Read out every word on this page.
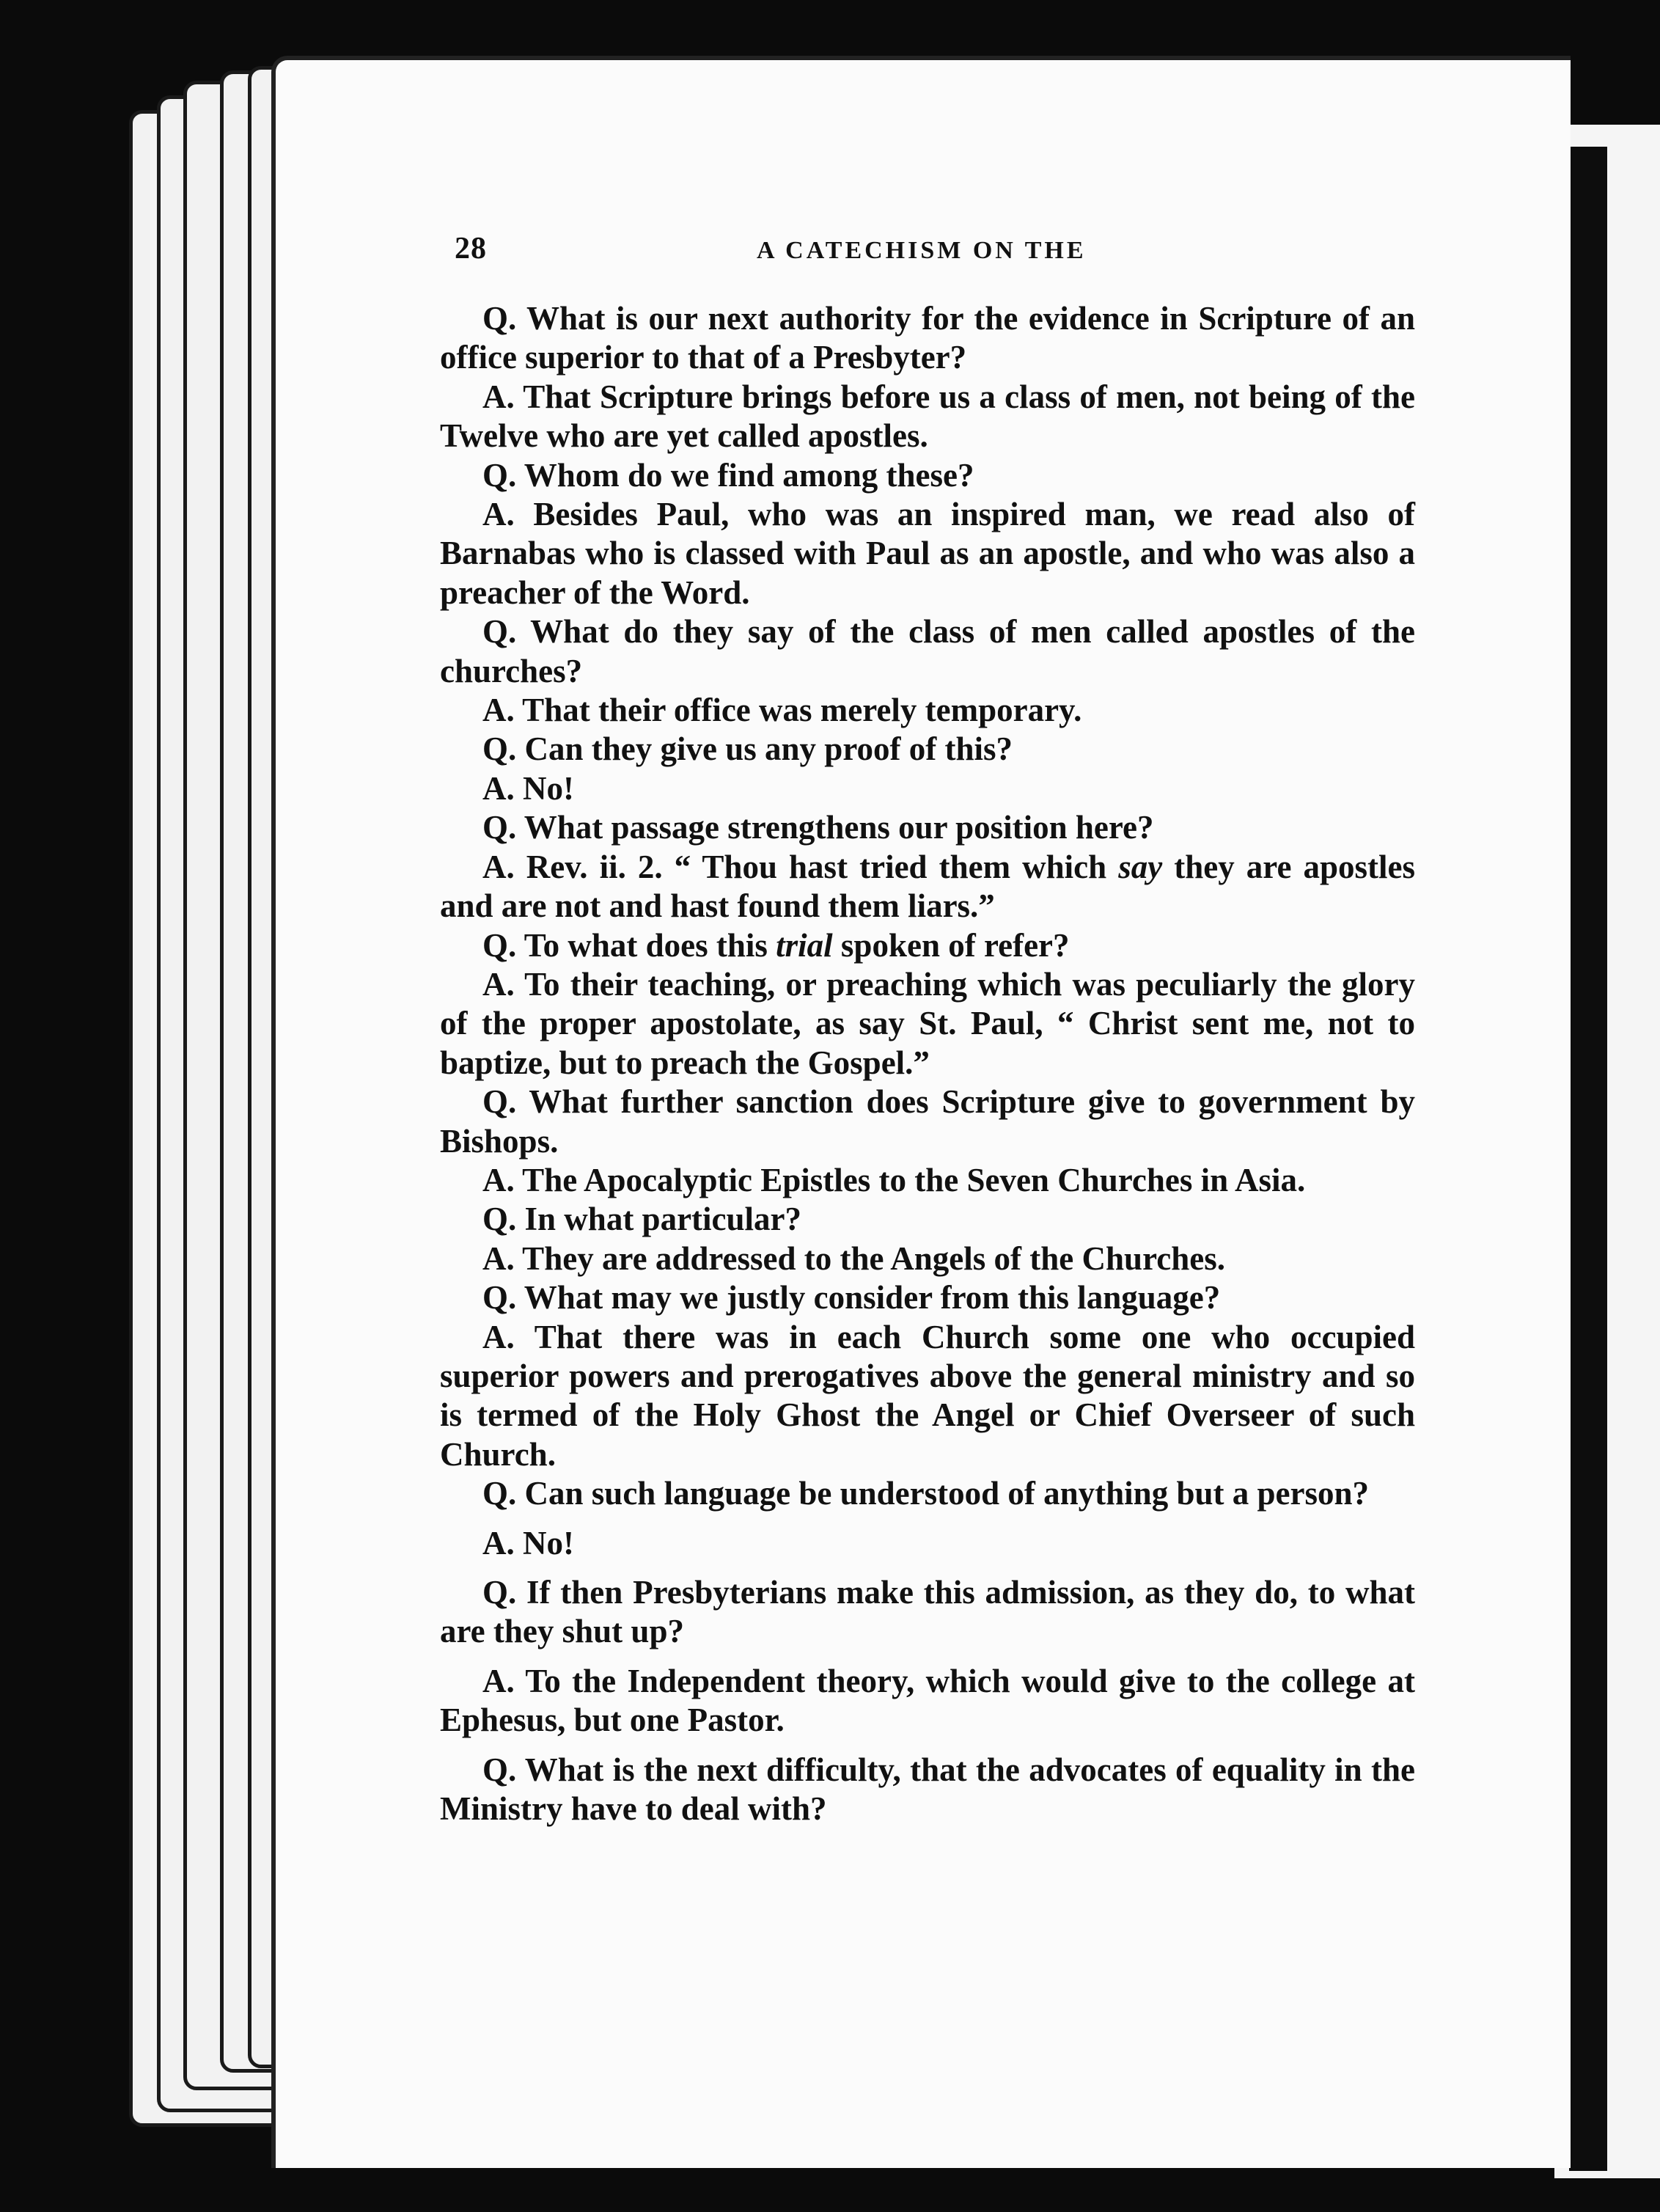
28	A CATECHISM ON THE

Q. What is our next authority for the evidence in Scripture of an office superior to that of a Presbyter?

A. That Scripture brings before us a class of men, not being of the Twelve who are yet called apostles.

Q. Whom do we find among these?

A. Besides Paul, who was an inspired man, we read also of Barnabas who is classed with Paul as an apostle, and who was also a preacher of the Word.

Q. What do they say of the class of men called apostles of the churches?

A. That their office was merely temporary.

Q. Can they give us any proof of this?

A. No!

Q. What passage strengthens our position here?

A. Rev. ii. 2. “ Thou hast tried them which say they are apostles and are not and hast found them liars.”

Q. To what does this trial spoken of refer?

A. To their teaching, or preaching which was peculiarly the glory of the proper apostolate, as say St. Paul, “ Christ sent me, not to baptize, but to preach the Gospel.”

Q. What further sanction does Scripture give to government by Bishops.

A. The Apocalyptic Epistles to the Seven Churches in Asia.

Q. In what particular?

A. They are addressed to the Angels of the Churches.

Q. What may we justly consider from this language?

A. That there was in each Church some one who occupied superior powers and prerogatives above the general ministry and so is termed of the Holy Ghost the Angel or Chief Overseer of such Church.

Q. Can such language be understood of anything but a person?

A. No!

Q. If then Presbyterians make this admission, as they do, to what are they shut up?

A. To the Independent theory, which would give to the college at Ephesus, but one Pastor.

Q. What is the next difficulty, that the advocates of equality in the Ministry have to deal with?
